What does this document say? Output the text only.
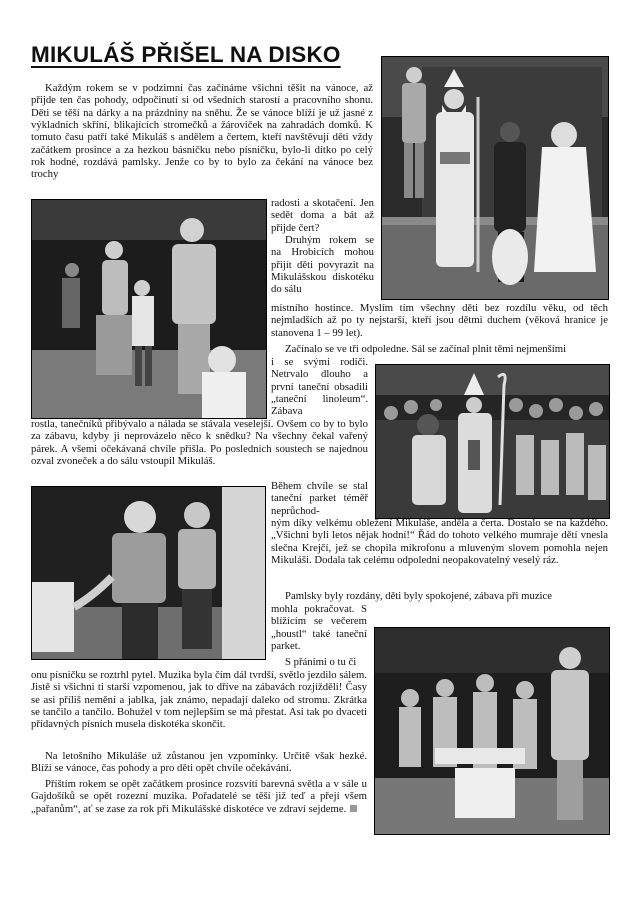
MIKULÁŠ PŘIŠEL NA DISKO

Každým rokem se v podzimní čas začínáme všichni těšit na vánoce, až přijde ten čas pohody, odpočinutí si od všedních starostí a pracovního shonu. Děti se těší na dárky a na prázdniny na sněhu. Že se vánoce blíží je už jasné z výkladních skříní, blikajících stromečků a žároviček na zahradách domků. K tomuto času patří také Mikuláš s andělem a čertem, kteří navštěvují děti vždy začátkem prosince a za hezkou básničku nebo písničku, bylo-li dítko po celý rok hodné, rozdává pamlsky. Jenže co by to bylo za čekání na vánoce bez trochy

radosti a skotačení. Jen sedět doma a bát až přijde čert?

Druhým rokem se na Hrobicích mohou přijít děti povyrazit na Mikulášskou diskotéku do sálu

místního hostince. Myslím tím všechny děti bez rozdílu věku, od těch nejmladších až po ty nejstarší, kteří jsou dětmi duchem (věková hranice je stanovena 1 – 99 let).

Začínalo se ve tři odpoledne. Sál se začínal plnit těmi nejmenšími

i se svými rodiči. Netrvalo dlouho a první taneční obsadili „taneční linoleum“. Zábava

rostla, tanečníků přibývalo a nálada se stávala veselejší. Ovšem co by to bylo za zábavu, kdyby ji neprovázelo něco k snědku? Na všechny čekal vařený párek. A všemi očekávaná chvíle přišla. Po posledních soustech se najednou ozval zvoneček a do sálu vstoupil Mikuláš.

Během chvíle se stal taneční parket téměř neprůchod-

ným díky velkému obležení Mikuláše, anděla a čerta. Dostalo se na každého. „Všichni byli letos nějak hodní!“ Řád do tohoto velkého mumraje dětí vnesla slečna Krejčí, jež se chopila mikrofonu a mluveným slovem pomohla nejen Mikuláši. Dodala tak celému odpoledni neopakovatelný veselý ráz.

Pamlsky byly rozdány, děti byly spokojené, zábava při muzice

mohla pokračovat. S blížícím se večerem „houstl“ také taneční parket.

S přáními o tu či

onu písničku se roztrhl pytel. Muzika byla čím dál tvrdší, světlo jezdilo sálem. Jistě si všichni ti starší vzpomenou, jak to dříve na zábavách rozjížděli! Časy se asi příliš nemění a jablka, jak známo, nepadají daleko od stromu. Zkrátka se tančilo a tančilo. Bohužel v tom nejlepším se má přestat. Asi tak po dvaceti přídavných písních musela diskotéka skončit.

Na letošního Mikuláše už zůstanou jen vzpomínky. Určitě však hezké. Blíží se vánoce, čas pohody a pro děti opět chvíle očekávání.

Příštím rokem se opět začátkem prosince rozsvítí barevná světla a v sále u Gajdošíků se opět rozezní muzika. Pořadatelé se těší již teď a přejí všem „pařanům“, ať se zase za rok při Mikulášské diskotéce ve zdraví sejdeme.
